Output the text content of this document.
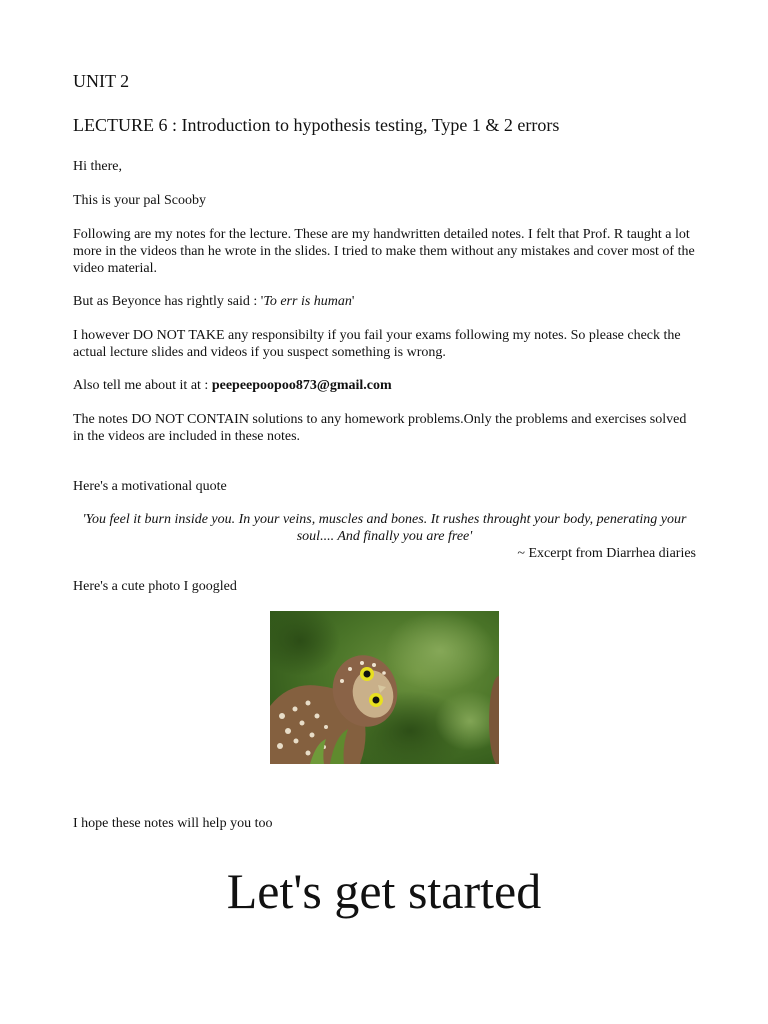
UNIT 2
LECTURE 6 : Introduction to hypothesis testing, Type 1 & 2 errors

Hi there,

This is your pal Scooby

Following are my notes for the lecture. These are my handwritten detailed notes. I felt that Prof. R taught a lot more in the videos than he wrote in the slides. I tried to make them without any mistakes and cover most of the video material.

But as Beyonce has rightly said : 'To err is human'

I however DO NOT TAKE any responsibilty if you fail your exams following my notes. So please check the actual lecture slides and videos if you suspect something is wrong.

Also tell me about it at : peepeepoopoo873@gmail.com

The notes DO NOT CONTAIN solutions to any homework problems.Only the problems and exercises solved in the videos are included in these notes.

Here's a motivational quote

'You feel it burn inside you. In your veins, muscles and bones. It rushes throught your body, penerating your soul.... And finally you are free'

~ Excerpt from Diarrhea diaries

Here's a cute photo I googled

I hope these notes will help you too

Let's get started
